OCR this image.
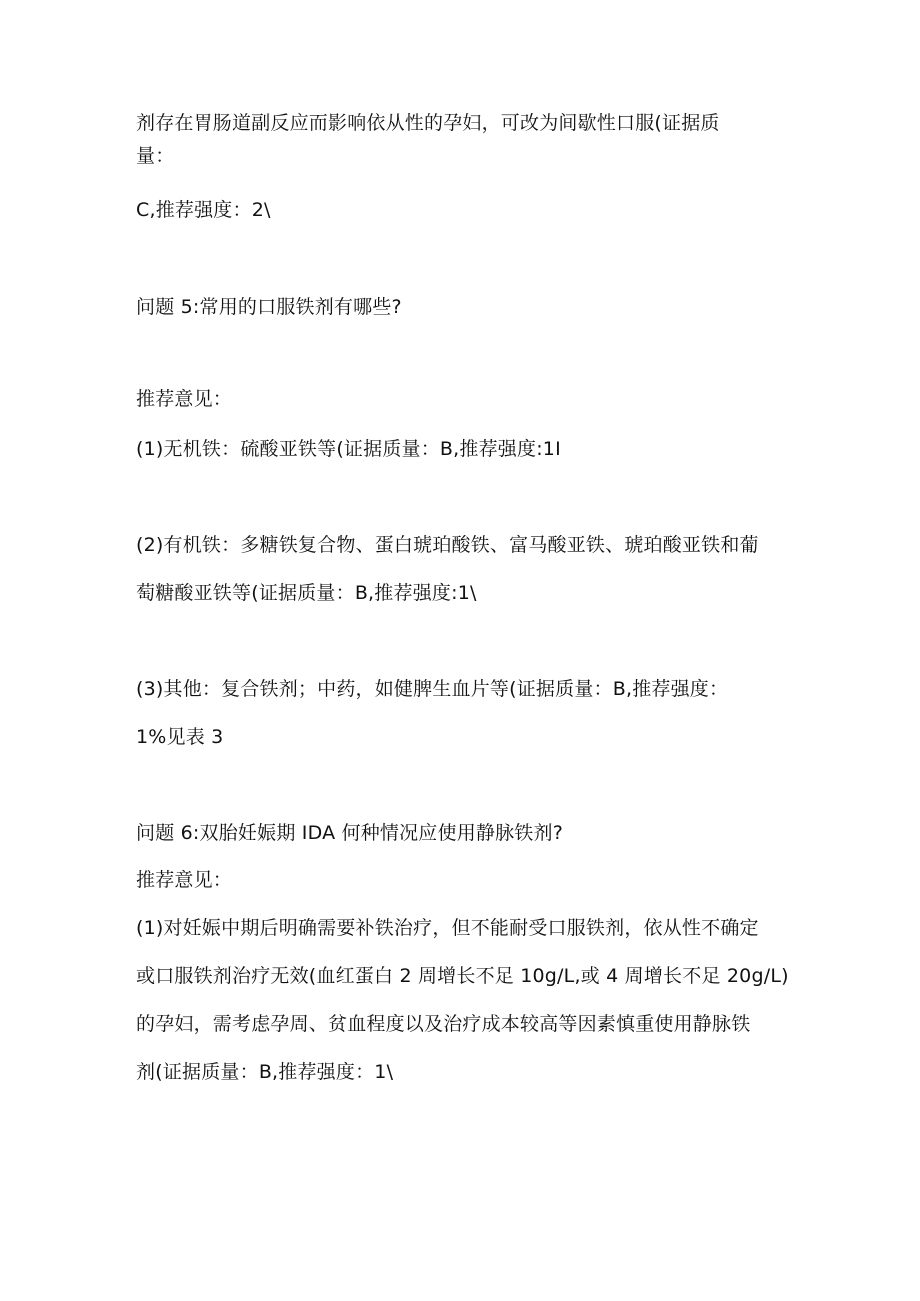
剂存在胃肠道副反应而影响依从性的孕妇，可改为间歇性口服(证据质
量：
C,推荐强度：2\
问题 5:常用的口服铁剂有哪些?
推荐意见：
(1)无机铁：硫酸亚铁等(证据质量：B,推荐强度:1I
(2)有机铁：多糖铁复合物、蛋白琥珀酸铁、富马酸亚铁、琥珀酸亚铁和葡
萄糖酸亚铁等(证据质量：B,推荐强度:1\
(3)其他：复合铁剂；中药，如健脾生血片等(证据质量：B,推荐强度：
1%见表 3
问题 6:双胎妊娠期 IDA 何种情况应使用静脉铁剂?
推荐意见：
(1)对妊娠中期后明确需要补铁治疗，但不能耐受口服铁剂，依从性不确定
或口服铁剂治疗无效(血红蛋白 2 周增长不足 10g/L,或 4 周增长不足 20g/L)
的孕妇，需考虑孕周、贫血程度以及治疗成本较高等因素慎重使用静脉铁
剂(证据质量：B,推荐强度：1\
